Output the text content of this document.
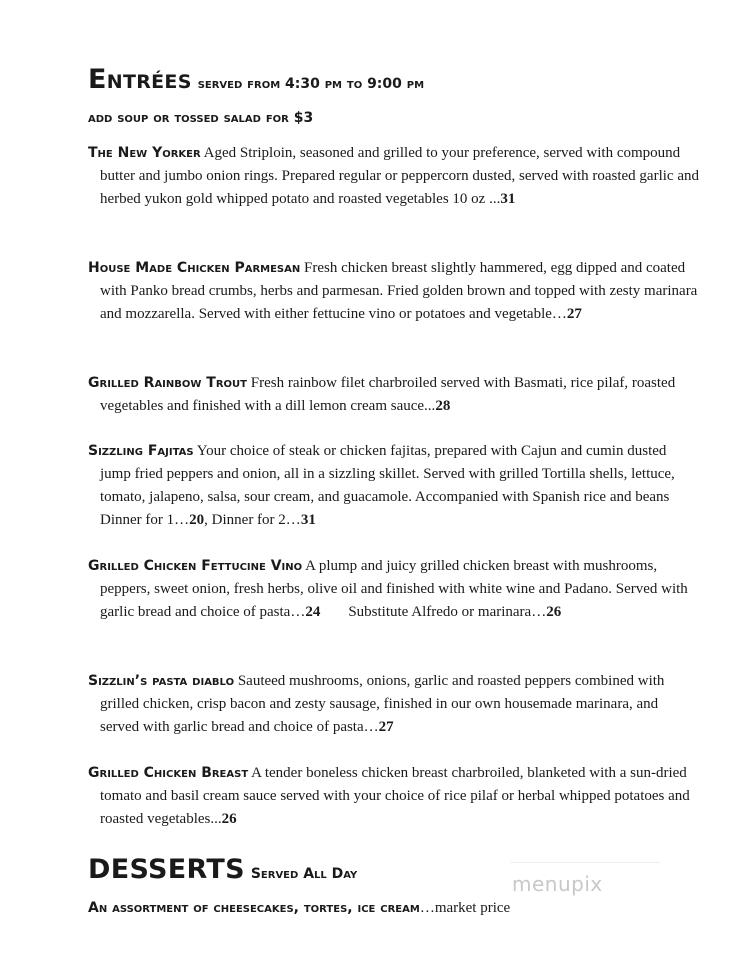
Entrées served from 4:30 pm to 9:00 pm
add soup or tossed salad for $3
The New Yorker Aged Striploin, seasoned and grilled to your preference, served with compound butter and jumbo onion rings. Prepared regular or peppercorn dusted, served with roasted garlic and herbed yukon gold whipped potato and roasted vegetables 10 oz ...31
House Made Chicken Parmesan Fresh chicken breast slightly hammered, egg dipped and coated with Panko bread crumbs, herbs and parmesan. Fried golden brown and topped with zesty marinara and mozzarella. Served with either fettucine vino or potatoes and vegetable…27
Grilled Rainbow Trout Fresh rainbow filet charbroiled served with Basmati, rice pilaf, roasted vegetables and finished with a dill lemon cream sauce...28
Sizzling Fajitas Your choice of steak or chicken fajitas, prepared with Cajun and cumin dusted jump fried peppers and onion, all in a sizzling skillet. Served with grilled Tortilla shells, lettuce, tomato, jalapeno, salsa, sour cream, and guacamole. Accompanied with Spanish rice and beansDinner for 1…20, Dinner for 2…31
Grilled Chicken Fettucine Vino A plump and juicy grilled chicken breast with mushrooms, peppers, sweet onion, fresh herbs, olive oil and finished with white wine and Padano. Served with garlic bread and choice of pasta…24 Substitute Alfredo or marinara…26
Sizzlin’s pasta diablo Sauteed mushrooms, onions, garlic and roasted peppers combined with grilled chicken, crisp bacon and zesty sausage, finished in our own housemade marinara, and served with garlic bread and choice of pasta…27
Grilled Chicken Breast A tender boneless chicken breast charbroiled, blanketed with a sun-dried tomato and basil cream sauce served with your choice of rice pilaf or herbal whipped potatoes and roasted vegetables...26
DESSERTS Served All Day	menupix
An assortment of cheesecakes, tortes, ice cream…market price
